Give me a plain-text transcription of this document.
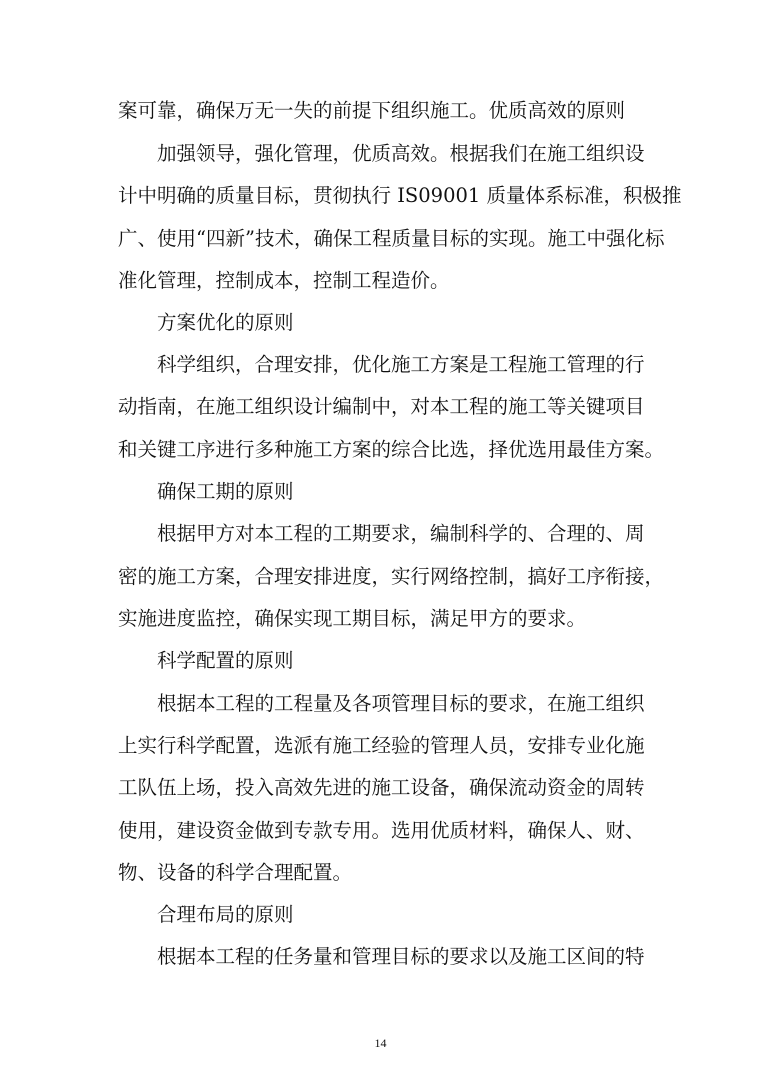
案可靠，确保万无一失的前提下组织施工。优质高效的原则
加强领导，强化管理，优质高效。根据我们在施工组织设
计中明确的质量目标，贯彻执行 IS09001 质量体系标准，积极推
广、使用“四新”技术，确保工程质量目标的实现。施工中强化标
准化管理，控制成本，控制工程造价。
方案优化的原则
科学组织，合理安排，优化施工方案是工程施工管理的行
动指南，在施工组织设计编制中，对本工程的施工等关键项目
和关键工序进行多种施工方案的综合比选，择优选用最佳方案。
确保工期的原则
根据甲方对本工程的工期要求，编制科学的、合理的、周
密的施工方案，合理安排进度，实行网络控制，搞好工序衔接，
实施进度监控，确保实现工期目标，满足甲方的要求。
科学配置的原则
根据本工程的工程量及各项管理目标的要求，在施工组织
上实行科学配置，选派有施工经验的管理人员，安排专业化施
工队伍上场，投入高效先进的施工设备，确保流动资金的周转
使用，建设资金做到专款专用。选用优质材料，确保人、财、
物、设备的科学合理配置。
合理布局的原则
根据本工程的任务量和管理目标的要求以及施工区间的特
14
